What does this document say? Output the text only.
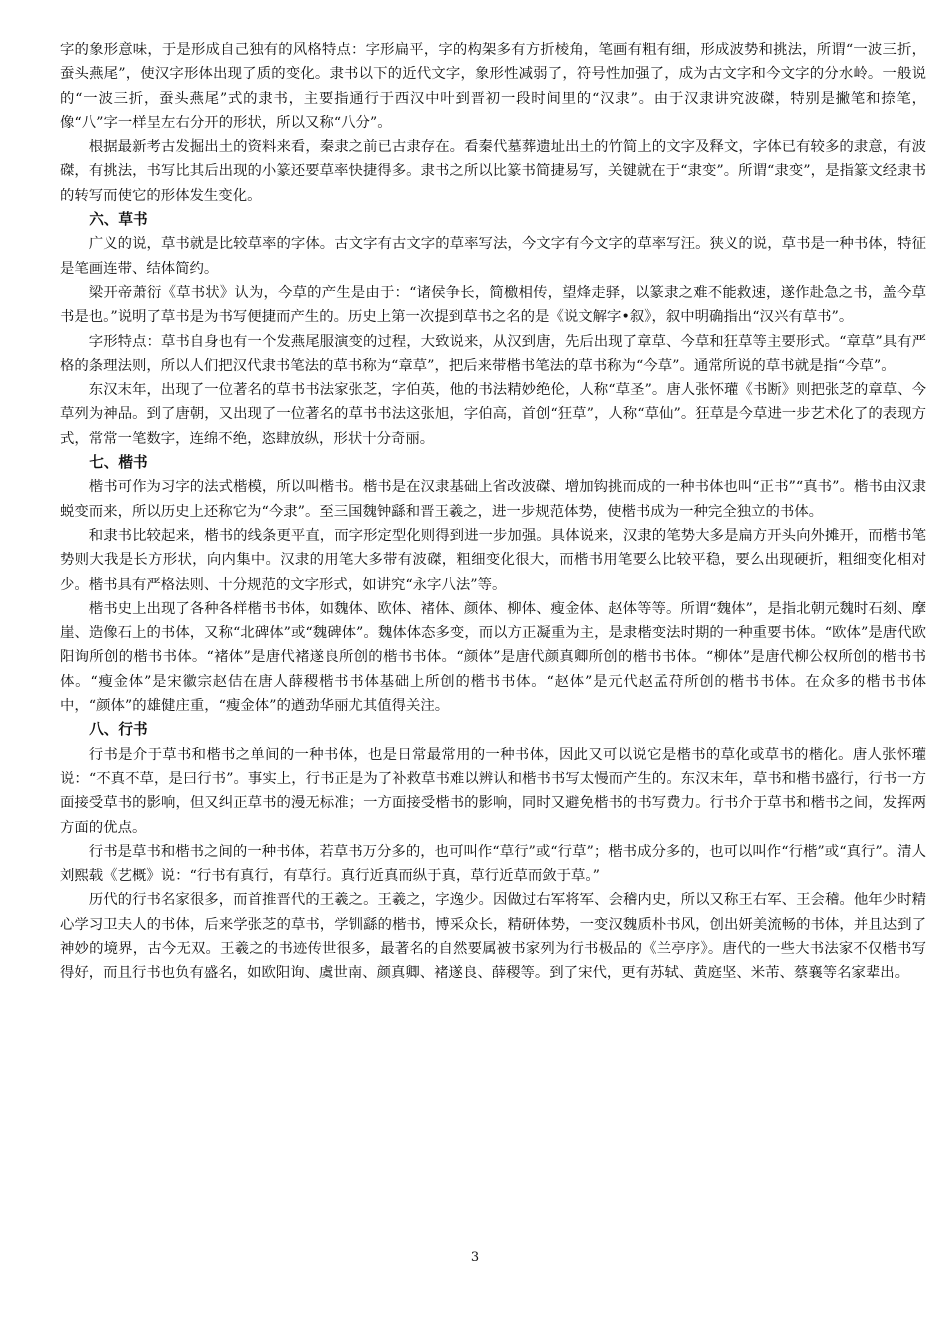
字的象形意味，于是形成自己独有的风格特点：字形扁平，字的构架多有方折棱角，笔画有粗有细，形成波势和挑法，所谓“一波三折，蚕头燕尾”，使汉字形体出现了质的变化。隶书以下的近代文字，象形性减弱了，符号性加强了，成为古文字和今文字的分水岭。一般说的“一波三折，蚕头燕尾”式的隶书，主要指通行于西汉中叶到晋初一段时间里的“汉隶”。由于汉隶讲究波磔，特别是撇笔和捺笔，像“八”字一样呈左右分开的形状，所以又称“八分”。

根据最新考古发掘出土的资料来看，秦隶之前已古隶存在。看秦代墓葬遗址出土的竹简上的文字及释文，字体已有较多的隶意，有波磔，有挑法，书写比其后出现的小篆还要草率快捷得多。隶书之所以比篆书简捷易写，关键就在于“隶变”。所谓“隶变”，是指篆文经隶书的转写而使它的形体发生变化。

六、草书

广义的说，草书就是比较草率的字体。古文字有古文字的草率写法，今文字有今文字的草率写汪。狭义的说，草书是一种书体，特征是笔画连带、结体简约。

梁开帝萧衍《草书状》认为，今草的产生是由于：“诸侯争长，简檄相传，望烽走驿，以篆隶之难不能救速，遂作赴急之书，盖今草书是也。”说明了草书是为书写便捷而产生的。历史上第一次提到草书之名的是《说文解字•叙》，叙中明确指出“汉兴有草书”。

字形特点：草书自身也有一个发燕尾服演变的过程，大致说来，从汉到唐，先后出现了章草、今草和狂草等主要形式。“章草”具有严格的条理法则，所以人们把汉代隶书笔法的草书称为“章草”，把后来带楷书笔法的草书称为“今草”。通常所说的草书就是指“今草”。

东汉末年，出现了一位著名的草书书法家张芝，字伯英，他的书法精妙绝伦，人称“草圣”。唐人张怀瓘《书断》则把张芝的章草、今草列为神品。到了唐朝，又出现了一位著名的草书书法这张旭，字伯高，首创“狂草”，人称“草仙”。狂草是今草进一步艺术化了的表现方式，常常一笔数字，连绵不绝，恣肆放纵，形状十分奇丽。

七、楷书

楷书可作为习字的法式楷模，所以叫楷书。楷书是在汉隶基础上省改波磔、增加钩挑而成的一种书体也叫“正书”“真书”。楷书由汉隶蜕变而来，所以历史上还称它为“今隶”。至三国魏钟繇和晋王羲之，进一步规范体势，使楷书成为一种完全独立的书体。

和隶书比较起来，楷书的线条更平直，而字形定型化则得到进一步加强。具体说来，汉隶的笔势大多是扁方开头向外摊开，而楷书笔势则大我是长方形状，向内集中。汉隶的用笔大多带有波磔，粗细变化很大，而楷书用笔要么比较平稳，要么出现硬折，粗细变化相对少。楷书具有严格法则、十分规范的文字形式，如讲究“永字八法”等。

楷书史上出现了各种各样楷书书体，如魏体、欧体、褚体、颜体、柳体、瘦金体、赵体等等。所谓“魏体”，是指北朝元魏时石刻、摩崖、造像石上的书体，又称“北碑体”或“魏碑体”。魏体体态多变，而以方正凝重为主，是隶楷变法时期的一种重要书体。“欧体”是唐代欧阳询所创的楷书书体。“褚体”是唐代褚遂良所创的楷书书体。“颜体”是唐代颜真卿所创的楷书书体。“柳体”是唐代柳公权所创的楷书书体。“瘦金体”是宋徽宗赵佶在唐人薛稷楷书书体基础上所创的楷书书体。“赵体”是元代赵孟苻所创的楷书书体。在众多的楷书书体中，“颜体”的雄健庄重，“瘦金体”的遒劲华丽尤其值得关注。

八、行书

行书是介于草书和楷书之单间的一种书体，也是日常最常用的一种书体，因此又可以说它是楷书的草化或草书的楷化。唐人张怀瓘说：“不真不草，是曰行书”。事实上，行书正是为了补救草书难以辨认和楷书书写太慢而产生的。东汉末年，草书和楷书盛行，行书一方面接受草书的影响，但又纠正草书的漫无标准；一方面接受楷书的影响，同时又避免楷书的书写费力。行书介于草书和楷书之间，发挥两方面的优点。

行书是草书和楷书之间的一种书体，若草书万分多的，也可叫作“草行”或“行草”；楷书成分多的，也可以叫作“行楷”或“真行”。清人刘熙载《艺概》说：“行书有真行，有草行。真行近真而纵于真，草行近草而敛于草。”

历代的行书名家很多，而首推晋代的王羲之。王羲之，字逸少。因做过右军将军、会稽内史，所以又称王右军、王会稽。他年少时精心学习卫夫人的书体，后来学张芝的草书，学钏繇的楷书，博采众长，精研体势，一变汉魏质朴书风，创出妍美流畅的书体，并且达到了神妙的境界，古今无双。王羲之的书迹传世很多，最著名的自然要属被书家列为行书极品的《兰亭序》。唐代的一些大书法家不仅楷书写得好，而且行书也负有盛名，如欧阳询、虞世南、颜真卿、褚遂良、薛稷等。到了宋代，更有苏轼、黄庭坚、米芾、蔡襄等名家辈出。

3
